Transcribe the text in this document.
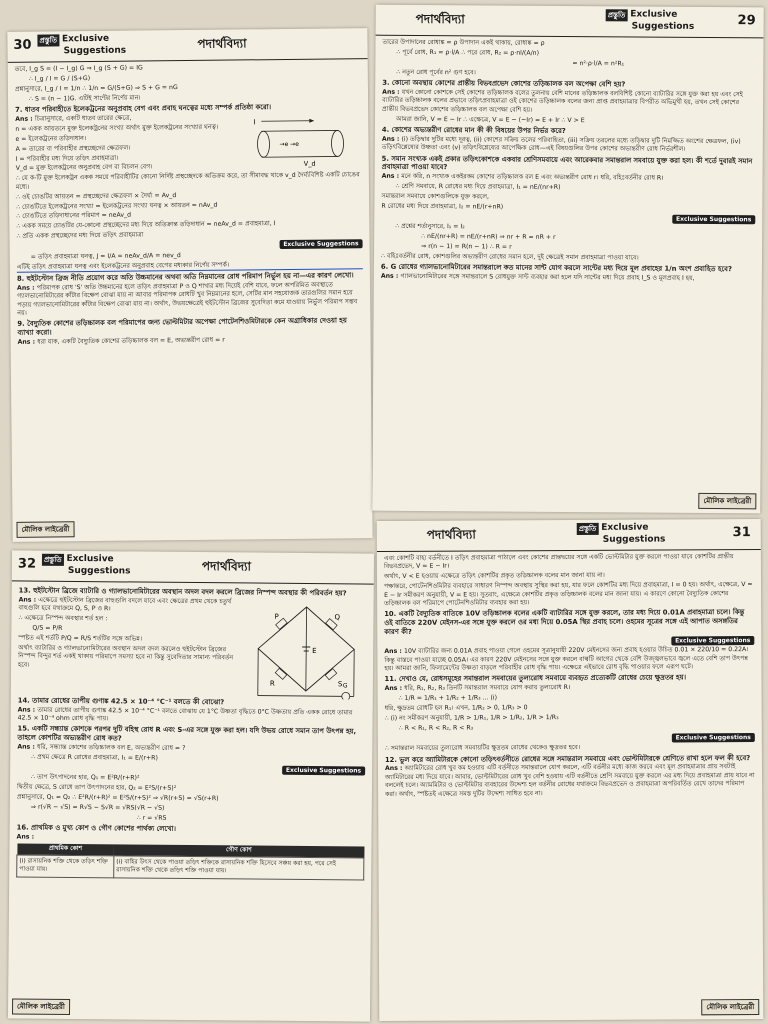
30 প্রস্তুতি Exclusive
Suggestions
পদার্থবিদ্যা

তবে, I_g S = (I − I_g) G ⇒ I_g (S + G) = IG

∴ I_g / I = G / (S+G)

প্রশ্নানুসারে, I_g / I = 1/n ∴ 1/n = G/(S+G) ⇒ S + G = nG

∴ S = (n − 1)G. এটিই সান্টের নির্ণেয় মান।

7. ধাতব পরিবাহীতে ইলেকট্রনের অনুপ্রবাহ বেগ এবং প্রবাহ ঘনত্বের মধ্যে সম্পর্ক প্রতিষ্ঠা করো।
I
→e →e
V_d

Ans : চিত্রানুসারে, একটি ধাতব তারের ক্ষেত্রে,

n = একক আয়তনে মুক্ত ইলেকট্রনের সংখ্যা অর্থাৎ মুক্ত ইলেকট্রনের সংখ্যার ঘনত্ব।

e = ইলেকট্রনের তড়িদাধান।

A = তারের বা পরিবাহীর প্রস্থচ্ছেদের ক্ষেত্রফল।

I = পরিবাহীর মধ্য দিয়ে তড়িৎ প্রবাহমাত্রা।

V_d = মুক্ত ইলেকট্রনের অনুপ্রবাহ বেগ বা বিচলন বেগ।

∴ যে ক-টি মুক্ত ইলেকট্রন একক সময়ে পরিবাহীটির কোনো নির্দিষ্ট প্রস্থচ্ছেদকে অতিক্রম করে, তা সীমাবদ্ধ থাকে v_d দৈর্ঘ্যবিশিষ্ট একটি চোঙের মধ্যে।

∴ ওই চোঙটির আয়তন = প্রস্থচ্ছেদের ক্ষেত্রফল × দৈর্ঘ্য = Av_d

∴ চোঙটিতে ইলেকট্রনের সংখ্যা = ইলেকট্রনের সংখ্যা ঘনত্ব × আয়তন = nAv_d

∴ চোঙটিতে তড়িদাধানের পরিমাণ = neAv_d

∴ একক সময়ে চোঙটির যে-কোনো প্রস্থচ্ছেদের মধ্য দিয়ে অতিক্রান্ত তড়িদাধান = neAv_d = প্রবাহমাত্রা, I

∴ প্রতি একক প্রস্থচ্ছেদের মধ্য দিয়ে তড়িৎ প্রবাহমাত্রা

Exclusive Suggestions

= তড়িৎ প্রবাহমাত্রা ঘনত্ব, J = I/A = neAv_d/A = nev_d

এটিই তড়িৎ প্রবাহমাত্রা ঘনত্ব এবং ইলেকট্রনের অনুপ্রবাহ বেগের মধ্যকার নির্ণেয় সম্পর্ক।

8. হুইটস্টোন ব্রিজ নীতি প্রয়োগ করে অতি উচ্চমানের অথবা অতি নিম্নমানের রোধ পরিমাপ নির্ভুল হয় না—এর কারণ লেখো।

Ans : পরিমাপক রোধ 'S' অতি উচ্চমানের হলে তড়িৎ প্রবাহমাত্রা P ও Q শাখার মধ্য দিয়েই বেশি যাবে, ফলে অপরিমিত অবস্থাতে গ্যালভানোমিটারের কাঁটার বিক্ষেপ বোঝা যায় না আবার পরিমাপক রোধটি খুব নিম্নমানের হলে, সেটির মান সহযোজক তারগুলির সমান হয়ে পড়ায় গ্যালভানোমিটারের কাঁটার বিক্ষেপ বোঝা যায় না। অর্থাৎ, উভয়ক্ষেত্রেই হুইটস্টোন ব্রিজের সুবেদিতা কমে যাওয়ায় নির্ভুল পরিমাপ সম্ভব নয়।

9. বৈদ্যুতিক কোশের তড়িচ্চালক বল পরিমাপের জন্য ভোল্টমিটার অপেক্ষা পোটেনশিওমিটারকে কেন অগ্রাধিকার দেওয়া হয় ব্যাখ্যা করো।

Ans : ধরা যাক, একটি বৈদ্যুতিক কোশের তড়িচ্চালক বল = E, অভ্যন্তরীণ রোধ = r

মৌলিক লাইব্রেরী
পদার্থবিদ্যা	প্রস্তুতি Exclusive
Suggestions	29

তারের উপাদানের রোধাঙ্ক = ρ উপাদান একই থাকায়, রোধাঙ্ক = ρ

∴ পূর্বে রোধ, R₁ = ρ·l/A ∴ পরে রোধ, R₂ = ρ·nl/(A/n)

= n²·ρ·l/A = n²R₁

∴ নতুন রোধ পূর্বের n² গুণ হবে।

3. কোনো অবস্থায় কোশের প্রান্তীয় বিভবপ্রভেদ কোশের তড়িচ্চালক বল অপেক্ষা বেশি হয়?

Ans : যখন কোনো কোশকে সেই কোশের তড়িচ্চালক বলের তুলনায় বেশি মানের তড়িচ্চালক বলবিশিষ্ট কোনো ব্যাটারির সঙ্গে যুক্ত করা হয় এবং সেই ব্যাটারির তড়িচ্চালক বলের প্রভাবে তড়িৎপ্রবাহমাত্রা ওই কোশের তড়িচ্চালক বলের জন্য প্রাপ্ত প্রবাহমাত্রার বিপরীত অভিমুখী হয়, তখন সেই কোশের প্রান্তীয় বিভবপ্রভেদ কোশের তড়িচ্চালক বল অপেক্ষা বেশি হয়।

আমরা জানি, V = E − Ir ∴ এক্ষেত্রে, V = E − (−Ir) = E + Ir ∴ V > E

4. কোশের অভ্যন্তরীণ রোধের মান কী কী বিষয়ের উপর নির্ভর করে?

Ans : (i) তড়িদ্বার দুটির মধ্যে দূরত্ব, (ii) কোশের সক্রিয় তলের পরিবাহিতা, (iii) সক্রিয় তরলের মধ্যে তড়িদ্বার দুটি নিমজ্জিত অংশের ক্ষেত্রফল, (iv) তড়িৎবিশ্লেষ্যের উষ্ণতা এবং (v) তড়িৎবিশ্লেষ্যের আপেক্ষিক রোধ—এই বিষয়গুলির উপর কোশের অভ্যন্তরীণ রোধ নির্ভরশীল।

5. সমান সংখ্যক একই প্রকার তড়িৎকোশকে একবার শ্রেণিসমবায়ে এবং আরেকবার সমান্তরাল সমবায়ে যুক্ত করা হল। কী শর্তে দুবারই সমান প্রবাহমাত্রা পাওয়া যাবে?

Ans : মনে করি, n সংখ্যক একইরকম কোশের তড়িচ্চালক বল E এবং অভ্যন্তরীণ রোধ r। ধরি, বহিঃবর্তনীর রোধ R।

∴ শ্রেণি সমবায়ে, R রোধের মধ্য দিয়ে প্রবাহমাত্রা, I₁ = nE/(nr+R)

সমান্তরাল সমবায়ে কোশগুলিকে যুক্ত করলে,

R রোধের মধ্য দিয়ে প্রবাহমাত্রা, I₂ = nE/(r+nR)

Exclusive Suggestions

∴ প্রশ্নের শর্তানুসারে, I₁ = I₂

∴ nE/(nr+R) = nE/(r+nR) ⇒ nr + R = nR + r

⇒ r(n − 1) = R(n − 1) ∴ R = r

∴ বহিঃবর্তনীর রোধ, কোশগুলির অভ্যন্তরীণ রোধের সমান হলে, দুই ক্ষেত্রেই সমান প্রবাহমাত্রা পাওয়া যাবে।

6. G রোধের গ্যালভানোমিটারের সমান্তরালে কত মানের সান্ট যোগ করলে সান্টের মধ্য দিয়ে মূল প্রবাহের 1/n অংশ প্রবাহিত হবে?

Ans : গ্যালভানোমিটারের সঙ্গে সমান্তরালে S রোধযুক্ত সান্ট ব্যবহার করা হলে যদি সান্টের মধ্য দিয়ে প্রবাহ I_S ও মূলপ্রবাহ I হয়,

মৌলিক লাইব্রেরী
32	প্রস্তুতি Exclusive
Suggestions	পদার্থবিদ্যা
13. হুইটস্টোন ব্রিজে ব্যাটারি ও গ্যালভানোমিটারের অবস্থান অদল বদল করলে ব্রিজের নিস্পন্দ অবস্থার কী পরিবর্তন হয়?
P	Q
R	S
E
G

Ans : এক্ষেত্রে হুইটস্টোন ব্রিজের বাহুগুলি বদলে যাবে এবং ক্ষেত্রের প্রথম থেকে চতুর্থ বাহুগুলি হবে যথাক্রমে Q, S, P ও R।

∴ এক্ষেত্রে নিস্পন্দ অবস্থার শর্ত হল :

Q/S = P/R

স্পষ্টত এই শর্তটি P/Q = R/S শর্তটির সঙ্গে অভিন্ন।

অর্থাৎ ব্যাটারির ও গ্যালভানোমিটারের অবস্থান অদল বদল করলেও হুইটস্টোন ব্রিজের নিস্পন্দ বিন্দুর শর্ত একই থাকায় পরিমাপে সমস্যা হবে না কিন্তু সুবেদিতার সামান্য পরিবর্তন হবে।

14. তামার রোধের তাপীয় গুণাঙ্ক 42.5 × 10⁻⁴ °C⁻¹ বলতে কী বোঝো?

Ans : তামার রোধের তাপীয় গুণাঙ্ক 42.5 × 10⁻⁴ °C⁻¹ বলতে বোঝায় যে 1°C উষ্ণতা বৃদ্ধিতে 0°C উষ্ণতায় প্রতি একক রোধে তামার 42.5 × 10⁻⁴ ohm রোধ বৃদ্ধি পায়।

15. একটি সন্ধ্যান্ত কোশকে পরপর দুটি বহিস্থ রোধ R এবং S-এর সঙ্গে যুক্ত করা হল। যদি উভয় রোধে সমান তাপ উৎপন্ন হয়, তাহলে কোশটির অভ্যন্তরীণ রোধ কত?

Ans : ধরি, সন্ধ্যান্ত কোশের তড়িচ্চালক বল E, অভ্যন্তরীণ রোধ = ?

∴ প্রথম ক্ষেত্রে R রোধের প্রবাহমাত্রা, I₁ = E/(r+R)

Exclusive Suggestions

∴ তাপ উৎপাদনের হার, Q₁ = E²R/(r+R)²

দ্বিতীয় ক্ষেত্রে, S রোধে তাপ উৎপাদনের হার, Q₂ = E²S/(r+S)²

প্রশ্নানুসারে, Q₁ = Q₂ ∴ E²R/(r+R)² = E²S/(r+S)² ⇒ √R(r+S) = √S(r+R)

⇒ r(√R − √S) = R√S − S√R = √RS(√R − √S)

∴ r = √RS

16. প্রাথমিক ও মুখ্য কোশ ও গৌণ কোশের পার্থক্য লেখো।

Ans :

প্রাথমিক কোশ	গৌণ কোশ
(i) রাসায়নিক শক্তি থেকে তড়িৎ শক্তি পাওয়া যায়।	(i) বাহির উৎস থেকে পাওয়া তড়িৎ শক্তিকে রাসায়নিক শক্তি হিসেবে সঞ্চয় করা হয়, পরে সেই রাসায়নিক শক্তি থেকে তড়িৎ শক্তি পাওয়া যায়।
মৌলিক লাইব্রেরী
পদার্থবিদ্যা	প্রস্তুতি Exclusive
Suggestions	31

এবং কোশটি বাহ্য বর্তনীতে I তড়িৎ প্রবাহমাত্রা পাঠালে এবং কোশের প্রান্তদ্বয়ের সঙ্গে একটি ভোল্টমিটার যুক্ত করলে পাওয়া যাবে কোশটির প্রান্তীয় বিভবপ্রভেদ, V = E − Ir।

অর্থাৎ, V < E হওয়ায় এক্ষেত্রে তড়িৎ কোশটির প্রকৃত তড়িচ্চালক বলের মান জানা যায় না।

পক্ষান্তরে, পোটেনশিওমিটার ব্যবহারে সাধারণ নিস্পন্দ অবস্থায় সুস্থির করা হয়, যার ফলে কোশটির মধ্য দিয়ে প্রবাহমাত্রা, I = 0 হয়। অর্থাৎ, এক্ষেত্রে, V = E − Ir সমীকরণ অনুযায়ী, V = E হয়। সুতরাং, এক্ষেত্রে কোশটির প্রকৃত তড়িচ্চালক বলের মান জানা যায়। এ কারণে কোনো বৈদ্যুতিক কোশের তড়িচ্চালক বল পরিমাপে পোটেনশিওমিটার ব্যবহার করা হয়।

10. একটি বৈদ্যুতিক বাতিকে 10V তড়িচ্চালক বলের একটি ব্যাটারির সঙ্গে যুক্ত করলে, তার মধ্য দিয়ে 0.01A প্রবাহমাত্রা চলে। কিন্তু ওই বাতিকে 220V মেইনস-এর সঙ্গে যুক্ত করলে ওর মধ্য দিয়ে 0.05A স্থির প্রবাহ চলে। ওহমের সূত্রের সঙ্গে এই আপাত অসঙ্গতির কারণ কী?
Exclusive Suggestions

Ans : 10V ব্যাটারির জন্য 0.01A প্রবাহ পাওয়া গেলে ওহমের সূত্রানুযায়ী 220V মেইনসের জন্য প্রবাহ হওয়ার উচিত 0.01 × 220/10 = 0.22A। কিন্তু বাস্তবে পাওয়া যাচ্ছে 0.05A। এর কারণ 220V মেইনসের সঙ্গে যুক্ত করলে বাল্বটি আগের থেকে বেশি উজ্জ্বলভাবে জ্বলে এতে বেশি তাপ উৎপন্ন হয়। আমরা জানি, ফিলামেন্টের উষ্ণতা বাড়লে পরিবাহীর রোধ বৃদ্ধি পায়। এক্ষেত্রে এইভাবে রোধ বৃদ্ধি পাওয়ার ফলে এরূপ ঘটে।

11. দেখাও যে, রোধসমূহের সমান্তরাল সমবায়ের তুল্যরোধ সমবায়ে ব্যবহৃত প্রত্যেকটি রোধের চেয়ে ক্ষুদ্রতর হয়।

Ans : ধরি, R₁, R₂, R₃ তিনটি সমান্তরাল সমবায়ে যোগ করায় তুল্যরোধ R।

∴ 1/R = 1/R₁ + 1/R₂ + 1/R₃ ... (i)

ধরি, ক্ষুদ্রতম রোধটি হল R₁। এখন, 1/R₂ > 0, 1/R₃ > 0

∴ (i) নং সমীকরণ অনুযায়ী, 1/R > 1/R₁, 1/R > 1/R₂, 1/R > 1/R₃

∴ R < R₁, R < R₂, R < R₃

Exclusive Suggestions

∴ সমান্তরাল সমবায়ের তুল্যরোধ সমবায়টির ক্ষুদ্রতম রোধের থেকেও ক্ষুদ্রতর হবে।

12. ভুল করে অ্যামিটারকে কোনো তড়িৎবর্তনীতে রোধের সঙ্গে সমান্তরাল সমবায়ে এবং ভোল্টমিটারকে শ্রেণিতে রাখা হলে ফল কী হবে?

Ans : অ্যামিটারের রোধ খুব কম হওয়ায় এটি বর্তনীতে সমান্তরালে যোগ করলে, এটি বর্তনীর মধ্যে কাজ করবে এবং মূল প্রবাহমাত্রার প্রায় সবটাই অ্যামিটারের মধ্য দিয়ে যাবে। আবার, ভোল্টমিটারের রোধ খুব বেশি হওয়ায় এটি বর্তনীতে শ্রেণি সমবায়ে যুক্ত করলে এর মধ্য দিয়ে প্রবাহমাত্রা প্রায় যাবে না বললেই চলে। অ্যামমিটার ও ভোল্টমিটার ব্যবহারের উদ্দেশ্য হল বর্তনীর রোধের যথাক্রমে বিভবপ্রভেদ ও প্রবাহমাত্রা অপরিবর্তিত রেখে তাদের পরিমাপ করা। অর্থাৎ, স্পষ্টতই এক্ষেত্রে সমস্ত দুটির উদ্দেশ্য সাধিত হবে না।

মৌলিক লাইব্রেরী
